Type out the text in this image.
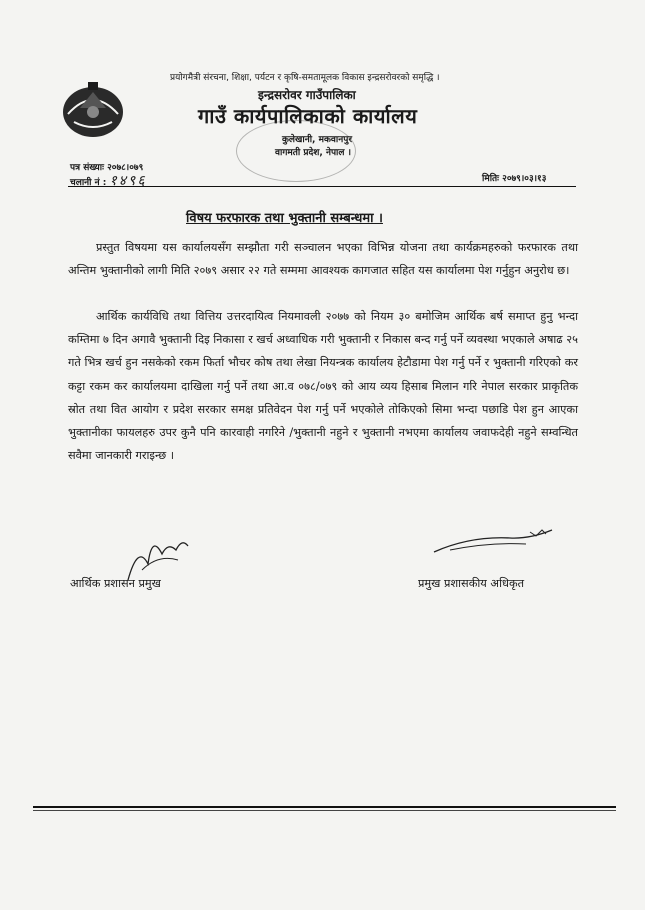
प्रयोगमैत्री संरचना, शिक्षा, पर्यटन र कृषि-समतामूलक विकास इन्द्रसरोवरको समृद्धि ।
इन्द्रसरोवर गाउँपालिका
गाउँ कार्यपालिकाको कार्यालय
कुलेखानी, मकवानपुर
वागमती प्रदेश, नेपाल ।
पत्र संख्याः २०७८।०७९
चलानी नं : १४९६	मितिः २०७९।०३।१३
विषय फरफारक तथा भुक्तानी सम्बन्धमा ।
प्रस्तुत विषयमा यस कार्यालयसँग सम्झौता गरी सञ्चालन भएका विभिन्न योजना तथा कार्यक्रमहरुको फरफारक तथा अन्तिम भुक्तानीको लागी मिति २०७९ असार २२ गते सम्ममा आवश्यक कागजात सहित यस कार्यालमा पेश गर्नुहुन अनुरोध छ।
आर्थिक कार्यविधि तथा वित्तिय उत्तरदायित्व नियमावली २०७७ को नियम ३० बमोजिम आर्थिक बर्ष समाप्त हुनु भन्दा कम्तिमा ७ दिन अगावै भुक्तानी दिइ निकासा र खर्च अध्वाधिक गरी भुक्तानी र निकास बन्द गर्नु पर्ने व्यवस्था भएकाले अषाढ २५ गते भित्र खर्च हुन नसकेको रकम फिर्ता भौचर कोष तथा लेखा नियन्त्रक कार्यालय हेटौडामा पेश गर्नु पर्ने र भुक्तानी गरिएको कर कट्टा रकम कर कार्यालयमा दाखिला गर्नु पर्ने तथा आ.व ०७८/०७९ को आय व्यय हिसाब मिलान गरि नेपाल सरकार प्राकृतिक स्रोत तथा वित आयोग र प्रदेश सरकार समक्ष प्रतिवेदन पेश गर्नु पर्ने भएकोले तोकिएको सिमा भन्दा पछाडि पेश हुन आएका भुक्तानीका फायलहरु उपर कुनै पनि कारवाही नगरिने /भुक्तानी नहुने र भुक्तानी नभएमा कार्यालय जवाफदेही नहुने सम्वन्धित सवैमा जानकारी गराइन्छ ।
आर्थिक प्रशासन प्रमुख	प्रमुख प्रशासकीय अधिकृत
